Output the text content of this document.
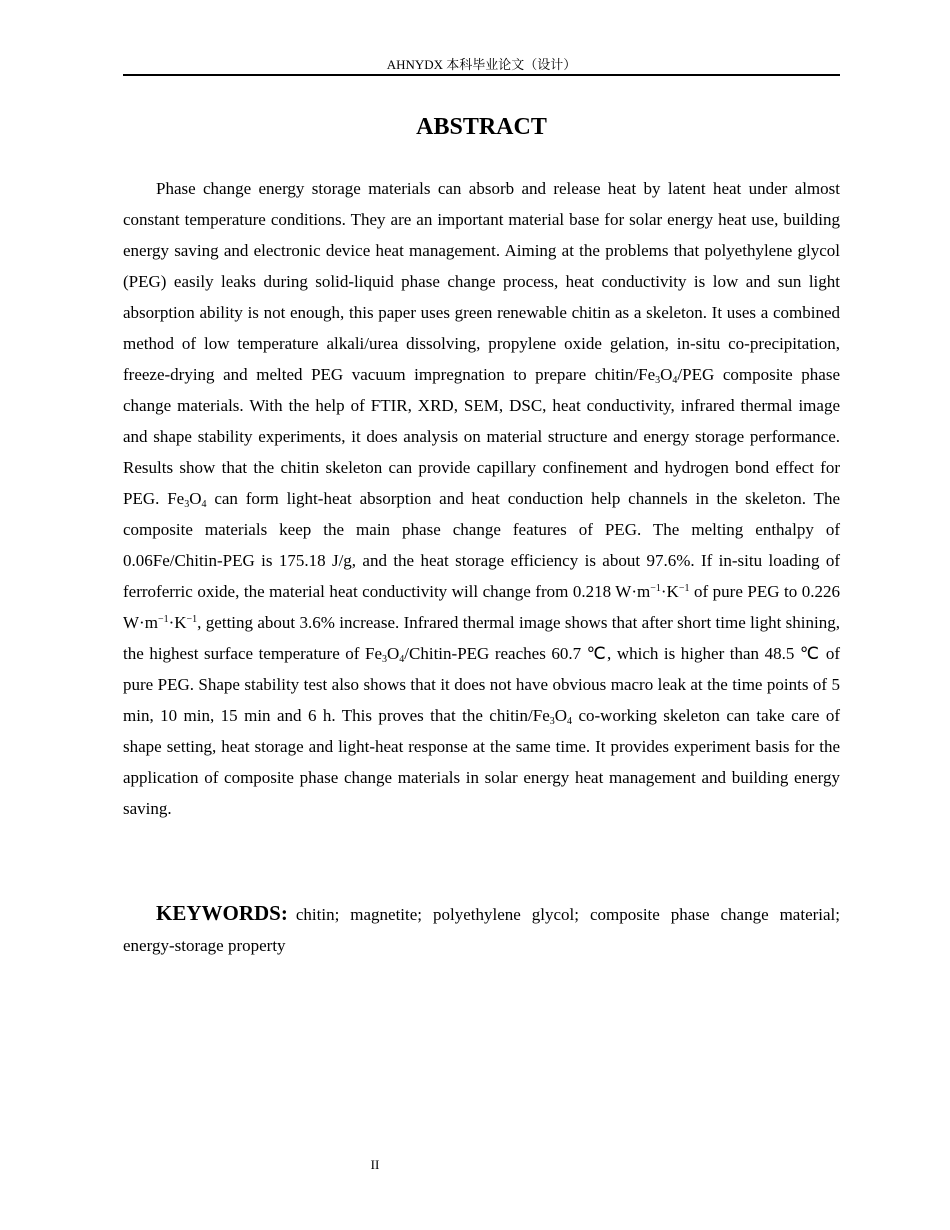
AHNYDX 本科毕业论文（设计）
ABSTRACT

Phase change energy storage materials can absorb and release heat by latent heat under almost constant temperature conditions. They are an important material base for solar energy heat use, building energy saving and electronic device heat management. Aiming at the problems that polyethylene glycol (PEG) easily leaks during solid-liquid phase change process, heat conductivity is low and sun light absorption ability is not enough, this paper uses green renewable chitin as a skeleton. It uses a combined method of low temperature alkali/urea dissolving, propylene oxide gelation, in-situ co-precipitation, freeze-drying and melted PEG vacuum impregnation to prepare chitin/$Fe_3O_4$/PEG composite phase change materials. With the help of FTIR, XRD, SEM, DSC, heat conductivity, infrared thermal image and shape stability experiments, it does analysis on material structure and energy storage performance. Results show that the chitin skeleton can provide capillary confinement and hydrogen bond effect for PEG. $Fe_3O_4$ can form light-heat absorption and heat conduction help channels in the skeleton. The composite materials keep the main phase change features of PEG. The melting enthalpy of 0.06Fe/Chitin-PEG is 175.18 J/g, and the heat storage efficiency is about 97.6%. If in-situ loading of ferroferric oxide, the material heat conductivity will change from 0.218 $W\cdot m^{-1}\cdot K^{-1}$ of pure PEG to 0.226 $W\cdot m^{-1}\cdot K^{-1}$, getting about 3.6% increase. Infrared thermal image shows that after short time light shining, the highest surface temperature of $Fe_3O_4/Chitin$-PEG reaches 60.7 ℃, which is higher than 48.5 ℃ of pure PEG. Shape stability test also shows that it does not have obvious macro leak at the time points of 5 min, 10 min, 15 min and 6 h. This proves that the chitin/$Fe_3O_4$ co-working skeleton can take care of shape setting, heat storage and light-heat response at the same time. It provides experiment basis for the application of composite phase change materials in solar energy heat management and building energy saving.

KEYWORDS: chitin; magnetite; polyethylene glycol; composite phase change material; energy-storage property

II
